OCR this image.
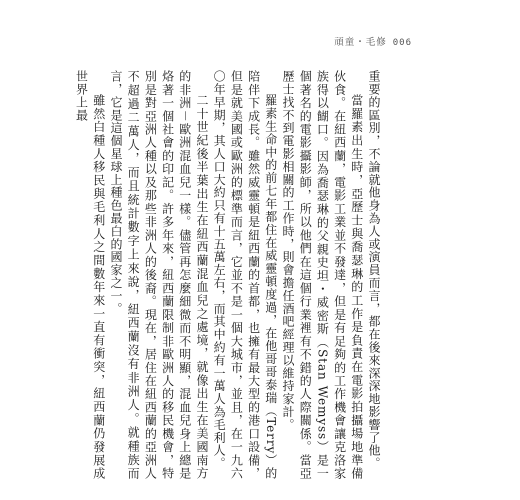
頑童・毛修 006

重要的區別，不論就他身為人或演員而言，都在後來深深地影響了他。

當羅素出生時，亞歷士與喬瑟琳的工作是負責在電影拍攝場地準備伙食。在紐西蘭，電影工業並不發達，但是有足夠的工作機會讓克洛家族得以餬口。因為喬瑟琳的父親史坦・威密斯（Stan Wemyss）是一個著名的電影攝影師，所以他們在這個行業裡有不錯的人際關係。當亞歷士找不到電影相關的工作時，則會擔任酒吧經理以維持家計。

羅素生命中的前七年都住在威靈頓度過，在他哥哥泰瑞（Terry）的陪伴下成長。雖然威靈頓是紐西蘭的首都，也擁有最大型的港口設備，但是就美國或歐洲的標準而言，它並不是一個大城市，並且，在一九六〇年早期，其人口大約只有十五萬左右，而其中約有一萬人為毛利人。

二十世紀後半葉出生在紐西蘭混血兒之處境，就像出生在美國南方的非洲－歐洲混血兒一樣。儘管再怎麼細微而不明顯，混血兒身上總是烙著一個社會的印記。許多年來，紐西蘭限制非歐洲人的移民機會，特別是對亞洲人種以及那些非洲人的後裔。現在，居住在紐西蘭的亞洲人不超過二萬人，而且統計數字上來說，紐西蘭沒有非洲人。就種族而言，它是這個星球上種色最白的國家之一。

雖然白種人移民與毛利人之間數年來一直有衝突，紐西蘭仍發展成世界上最
